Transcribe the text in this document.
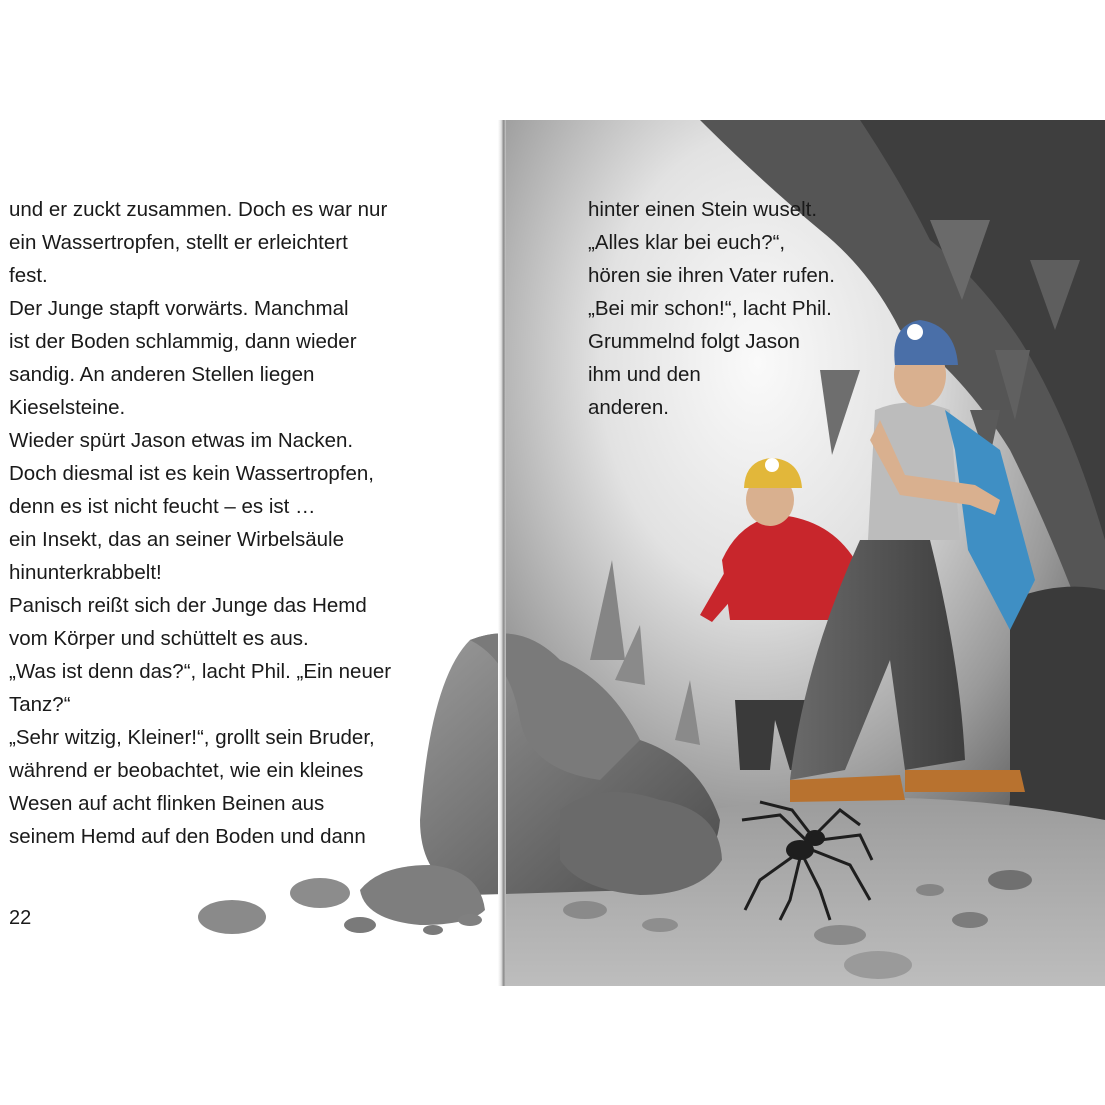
und er zuckt zusammen. Doch es war nur
ein Wassertropfen, stellt er erleichtert
fest.
Der Junge stapft vorwärts. Manchmal
ist der Boden schlammig, dann wieder
sandig. An anderen Stellen liegen
Kieselsteine.
Wieder spürt Jason etwas im Nacken.
Doch diesmal ist es kein Wassertropfen,
denn es ist nicht feucht – es ist …
ein Insekt, das an seiner Wirbelsäule
hinunterkrabbelt!
Panisch reißt sich der Junge das Hemd
vom Körper und schüttelt es aus.
„Was ist denn das?“, lacht Phil. „Ein neuer
Tanz?“
„Sehr witzig, Kleiner!“, grollt sein Bruder,
während er beobachtet, wie ein kleines
Wesen auf acht flinken Beinen aus
seinem Hemd auf den Boden und dann
hinter einen Stein wuselt.
„Alles klar bei euch?“,
hören sie ihren Vater rufen.
„Bei mir schon!“, lacht Phil.
Grummelnd folgt Jason
ihm und den
anderen.
22
